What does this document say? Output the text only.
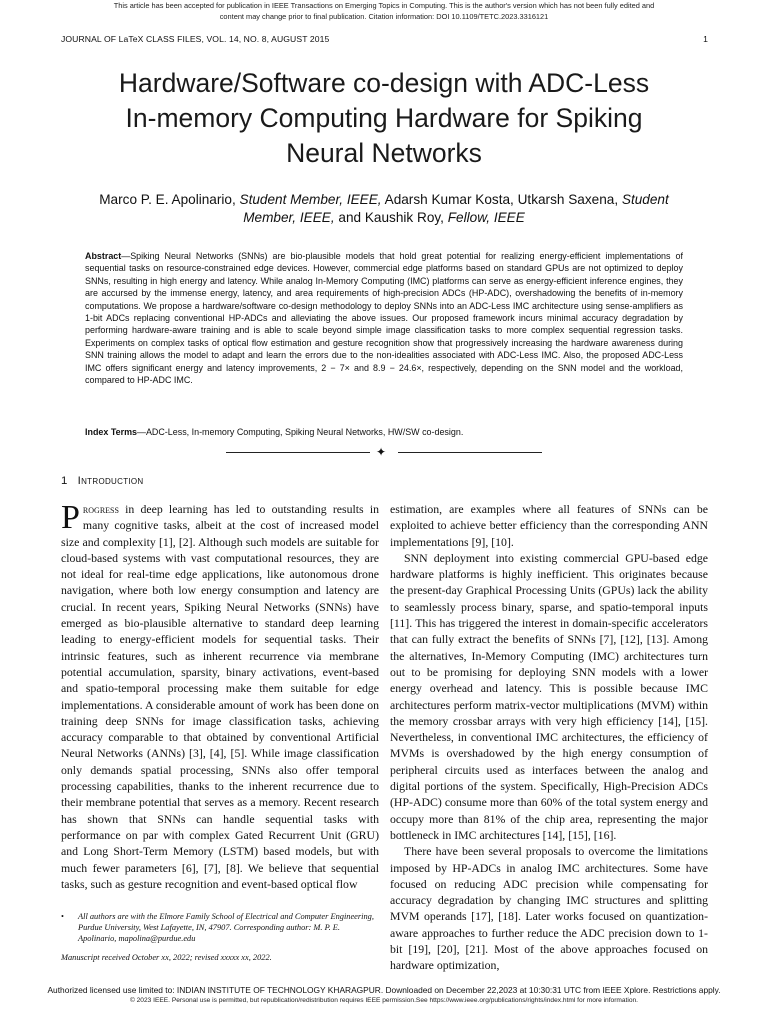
This article has been accepted for publication in IEEE Transactions on Emerging Topics in Computing. This is the author's version which has not been fully edited and
content may change prior to final publication. Citation information: DOI 10.1109/TETC.2023.3316121
JOURNAL OF LaTeX CLASS FILES, VOL. 14, NO. 8, AUGUST 2015	1
Hardware/Software co-design with ADC-Less
In-memory Computing Hardware for Spiking
Neural Networks
Marco P. E. Apolinario, Student Member, IEEE, Adarsh Kumar Kosta, Utkarsh Saxena, Student Member, IEEE, and Kaushik Roy, Fellow, IEEE
Abstract—Spiking Neural Networks (SNNs) are bio-plausible models that hold great potential for realizing energy-efficient implementations of sequential tasks on resource-constrained edge devices. However, commercial edge platforms based on standard GPUs are not optimized to deploy SNNs, resulting in high energy and latency. While analog In-Memory Computing (IMC) platforms can serve as energy-efficient inference engines, they are accursed by the immense energy, latency, and area requirements of high-precision ADCs (HP-ADC), overshadowing the benefits of in-memory computations. We propose a hardware/software co-design methodology to deploy SNNs into an ADC-Less IMC architecture using sense-amplifiers as 1-bit ADCs replacing conventional HP-ADCs and alleviating the above issues. Our proposed framework incurs minimal accuracy degradation by performing hardware-aware training and is able to scale beyond simple image classification tasks to more complex sequential regression tasks. Experiments on complex tasks of optical flow estimation and gesture recognition show that progressively increasing the hardware awareness during SNN training allows the model to adapt and learn the errors due to the non-idealities associated with ADC-Less IMC. Also, the proposed ADC-Less IMC offers significant energy and latency improvements, 2 − 7× and 8.9 − 24.6×, respectively, depending on the SNN model and the workload, compared to HP-ADC IMC.
Index Terms—ADC-Less, In-memory Computing, Spiking Neural Networks, HW/SW co-design.
✦
1 Introduction

Progress in deep learning has led to outstanding results in many cognitive tasks, albeit at the cost of increased model size and complexity [1], [2]. Although such models are suitable for cloud-based systems with vast computational resources, they are not ideal for real-time edge applications, like autonomous drone navigation, where both low energy consumption and latency are crucial. In recent years, Spiking Neural Networks (SNNs) have emerged as bio-plausible alternative to standard deep learning leading to energy-efficient models for sequential tasks. Their intrinsic features, such as inherent recurrence via membrane potential accumulation, sparsity, binary activations, event-based and spatio-temporal processing make them suitable for edge implementations. A considerable amount of work has been done on training deep SNNs for image classification tasks, achieving accuracy comparable to that obtained by conventional Artificial Neural Networks (ANNs) [3], [4], [5]. While image classification only demands spatial processing, SNNs also offer temporal processing capabilities, thanks to the inherent recurrence due to their membrane potential that serves as a memory. Recent research has shown that SNNs can handle sequential tasks with performance on par with complex Gated Recurrent Unit (GRU) and Long Short-Term Memory (LSTM) based models, but with much fewer parameters [6], [7], [8]. We believe that sequential tasks, such as gesture recognition and event-based optical flow

estimation, are examples where all features of SNNs can be exploited to achieve better efficiency than the corresponding ANN implementations [9], [10].

SNN deployment into existing commercial GPU-based edge hardware platforms is highly inefficient. This originates because the present-day Graphical Processing Units (GPUs) lack the ability to seamlessly process binary, sparse, and spatio-temporal inputs [11]. This has triggered the interest in domain-specific accelerators that can fully extract the benefits of SNNs [7], [12], [13]. Among the alternatives, In-Memory Computing (IMC) architectures turn out to be promising for deploying SNN models with a lower energy overhead and latency. This is possible because IMC architectures perform matrix-vector multiplications (MVM) within the memory crossbar arrays with very high efficiency [14], [15]. Nevertheless, in conventional IMC architectures, the efficiency of MVMs is overshadowed by the high energy consumption of peripheral circuits used as interfaces between the analog and digital portions of the system. Specifically, High-Precision ADCs (HP-ADC) consume more than 60% of the total system energy and occupy more than 81% of the chip area, representing the major bottleneck in IMC architectures [14], [15], [16].

There have been several proposals to overcome the limitations imposed by HP-ADCs in analog IMC architectures. Some have focused on reducing ADC precision while compensating for accuracy degradation by changing IMC structures and splitting MVM operands [17], [18]. Later works focused on quantization-aware approaches to further reduce the ADC precision down to 1-bit [19], [20], [21]. Most of the above approaches focused on hardware optimization,

• All authors are with the Elmore Family School of Electrical and Computer Engineering, Purdue University, West Lafayette, IN, 47907. Corresponding author: M. P. E. Apolinario, mapolina@purdue.edu
Manuscript received October xx, 2022; revised xxxxx xx, 2022.
Authorized licensed use limited to: INDIAN INSTITUTE OF TECHNOLOGY KHARAGPUR. Downloaded on December 22,2023 at 10:30:31 UTC from IEEE Xplore. Restrictions apply.
© 2023 IEEE. Personal use is permitted, but republication/redistribution requires IEEE permission.See https://www.ieee.org/publications/rights/index.html for more information.
